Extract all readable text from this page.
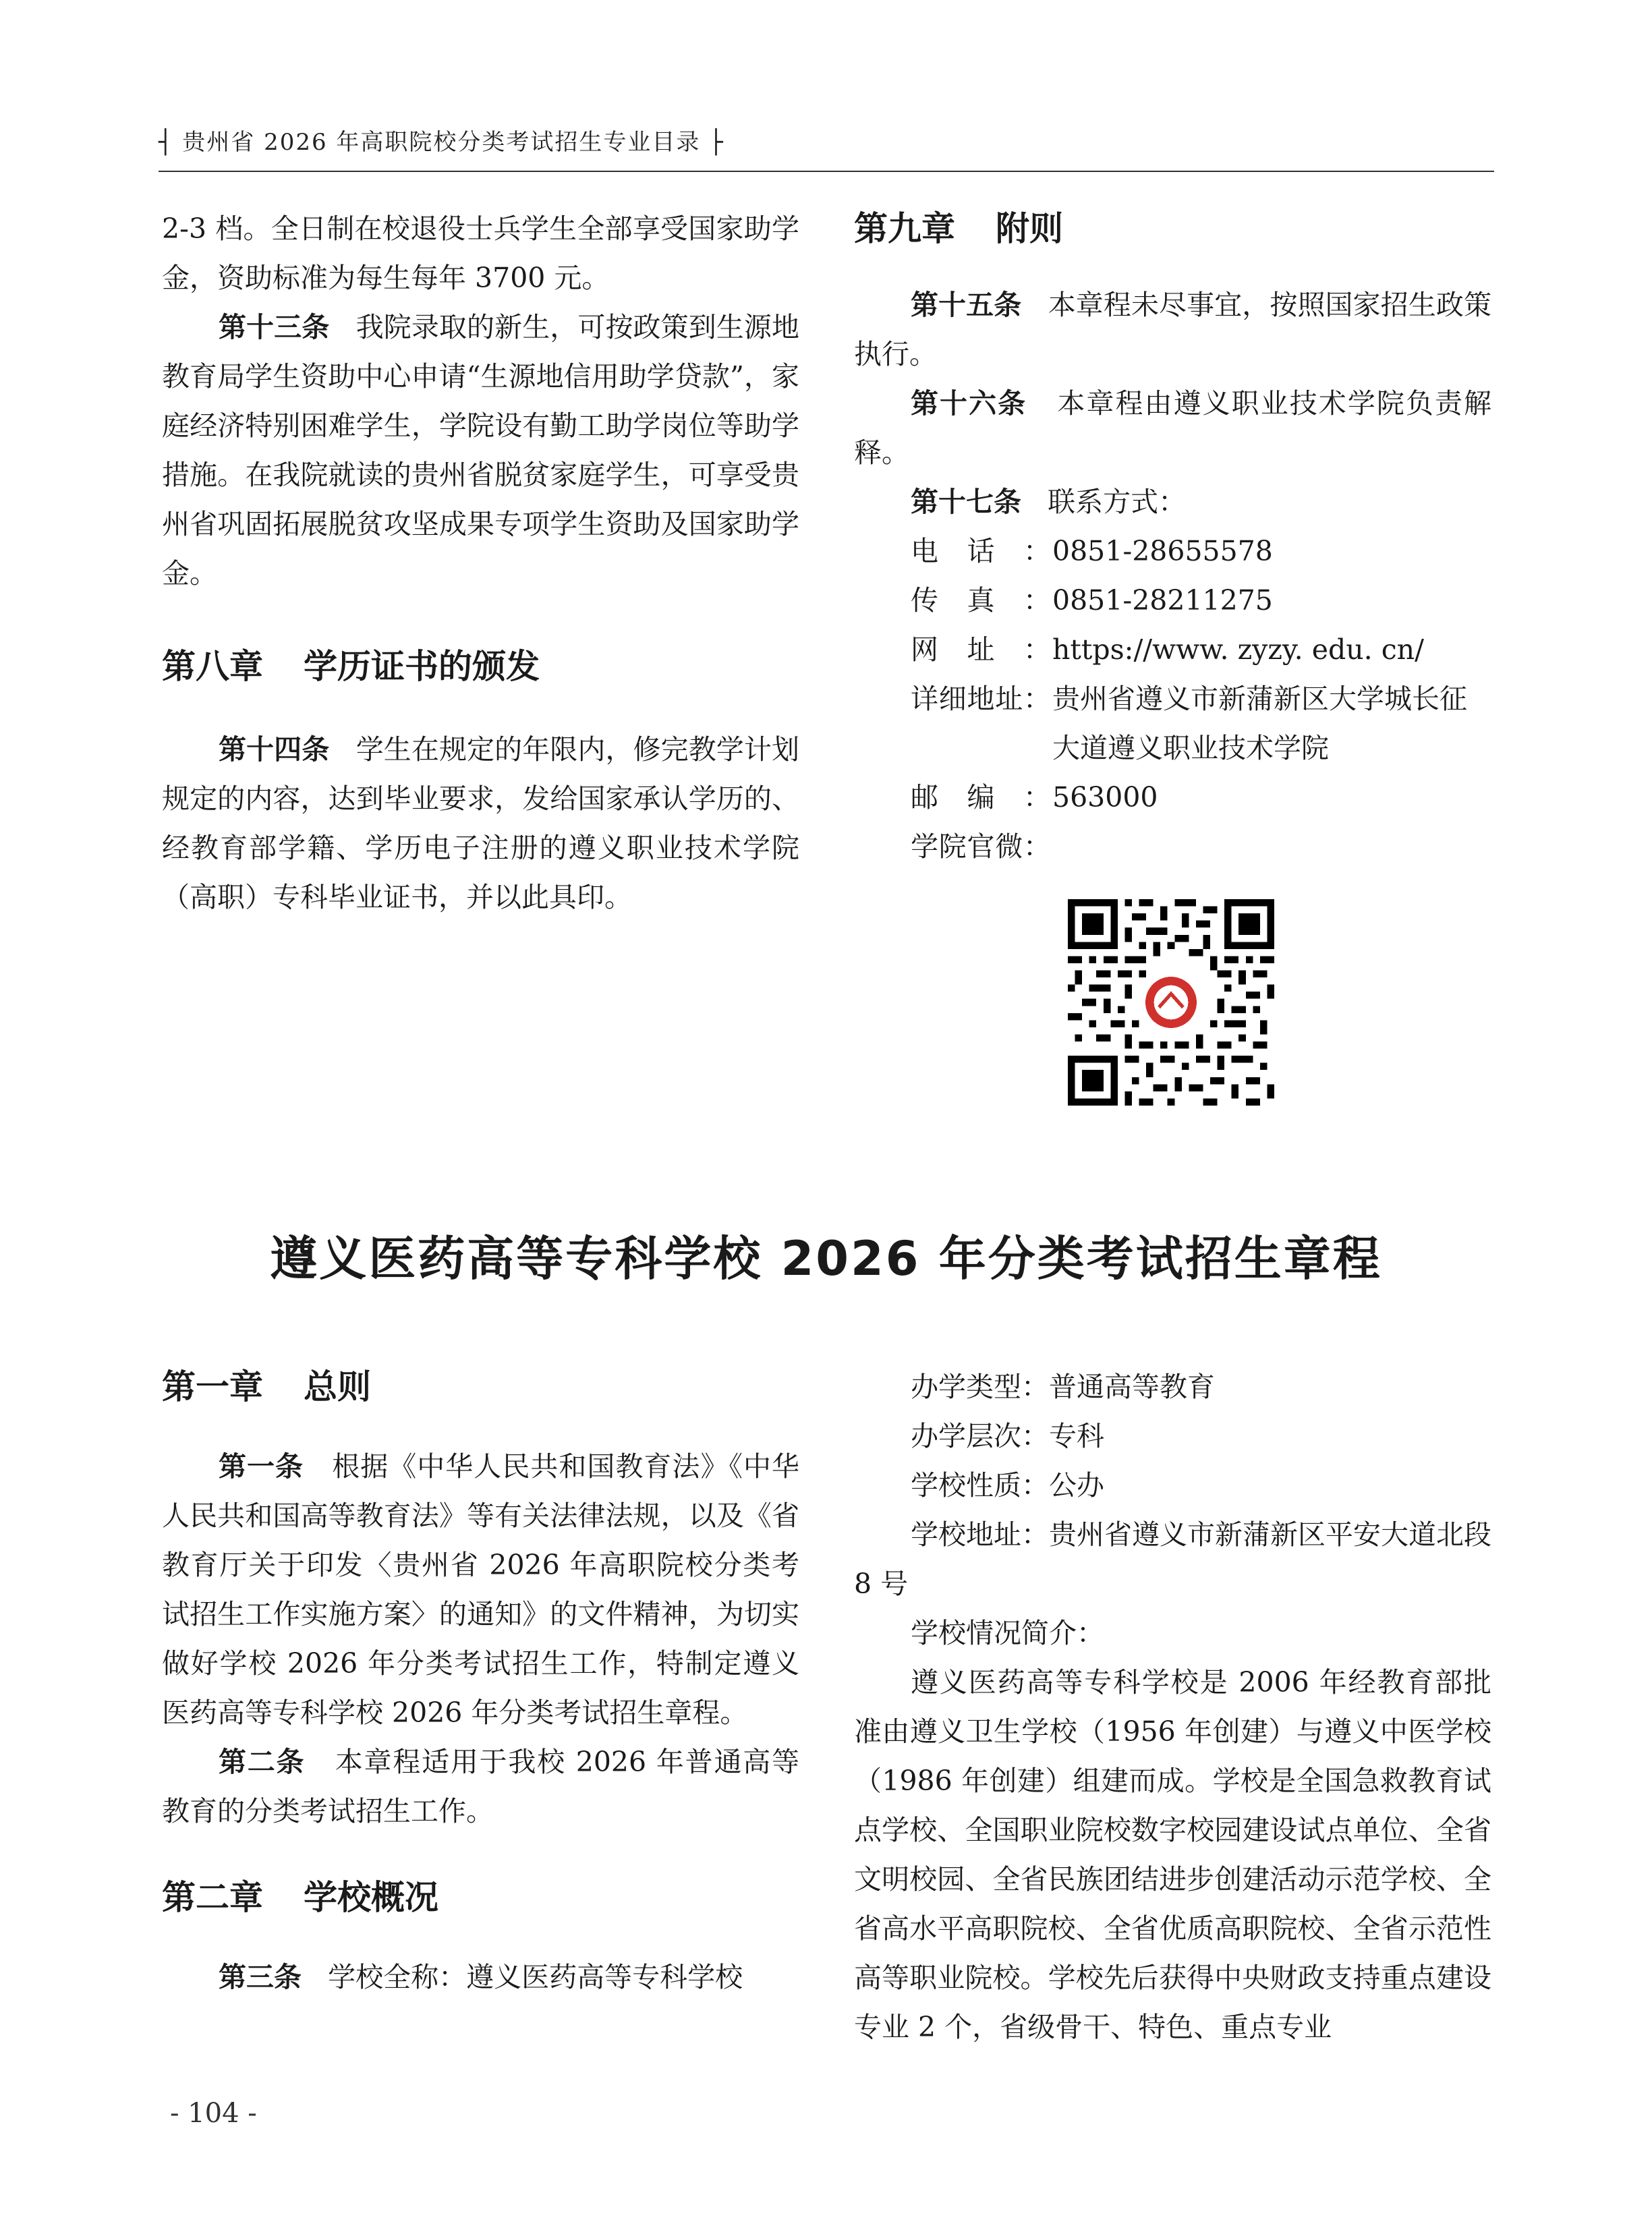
┤ 贵州省 2026 年高职院校分类考试招生专业目录 ├

2-3 档。全日制在校退役士兵学生全部享受国家助学金，资助标准为每生每年 3700 元。

第十三条 我院录取的新生，可按政策到生源地教育局学生资助中心申请“生源地信用助学贷款”，家庭经济特别困难学生，学院设有勤工助学岗位等助学措施。在我院就读的贵州省脱贫家庭学生，可享受贵州省巩固拓展脱贫攻坚成果专项学生资助及国家助学金。

第八章 学历证书的颁发

第十四条 学生在规定的年限内，修完教学计划规定的内容，达到毕业要求，发给国家承认学历的、经教育部学籍、学历电子注册的遵义职业技术学院（高职）专科毕业证书，并以此具印。

第九章 附则

第十五条 本章程未尽事宜，按照国家招生政策执行。

第十六条 本章程由遵义职业技术学院负责解释。

第十七条 联系方式：

电话： 0851-28655578
传真： 0851-28211275
网址： https://www. zyzy. edu. cn/
详细地址： 贵州省遵义市新蒲新区大学城长征大道遵义职业技术学院
邮编： 563000
学院官微：
遵义医药高等专科学校 2026 年分类考试招生章程

第一章 总则

第一条 根据《中华人民共和国教育法》《中华人民共和国高等教育法》等有关法律法规，以及《省教育厅关于印发〈贵州省 2026 年高职院校分类考试招生工作实施方案〉的通知》的文件精神，为切实做好学校 2026 年分类考试招生工作，特制定遵义医药高等专科学校 2026 年分类考试招生章程。

第二条 本章程适用于我校 2026 年普通高等教育的分类考试招生工作。

第二章 学校概况

第三条 学校全称：遵义医药高等专科学校

办学类型：普通高等教育

办学层次：专科

学校性质：公办

学校地址：贵州省遵义市新蒲新区平安大道北段 8 号

学校情况简介：

遵义医药高等专科学校是 2006 年经教育部批准由遵义卫生学校（1956 年创建）与遵义中医学校（1986 年创建）组建而成。学校是全国急救教育试点学校、全国职业院校数字校园建设试点单位、全省文明校园、全省民族团结进步创建活动示范学校、全省高水平高职院校、全省优质高职院校、全省示范性高等职业院校。学校先后获得中央财政支持重点建设专业 2 个，省级骨干、特色、重点专业

- 104 -
